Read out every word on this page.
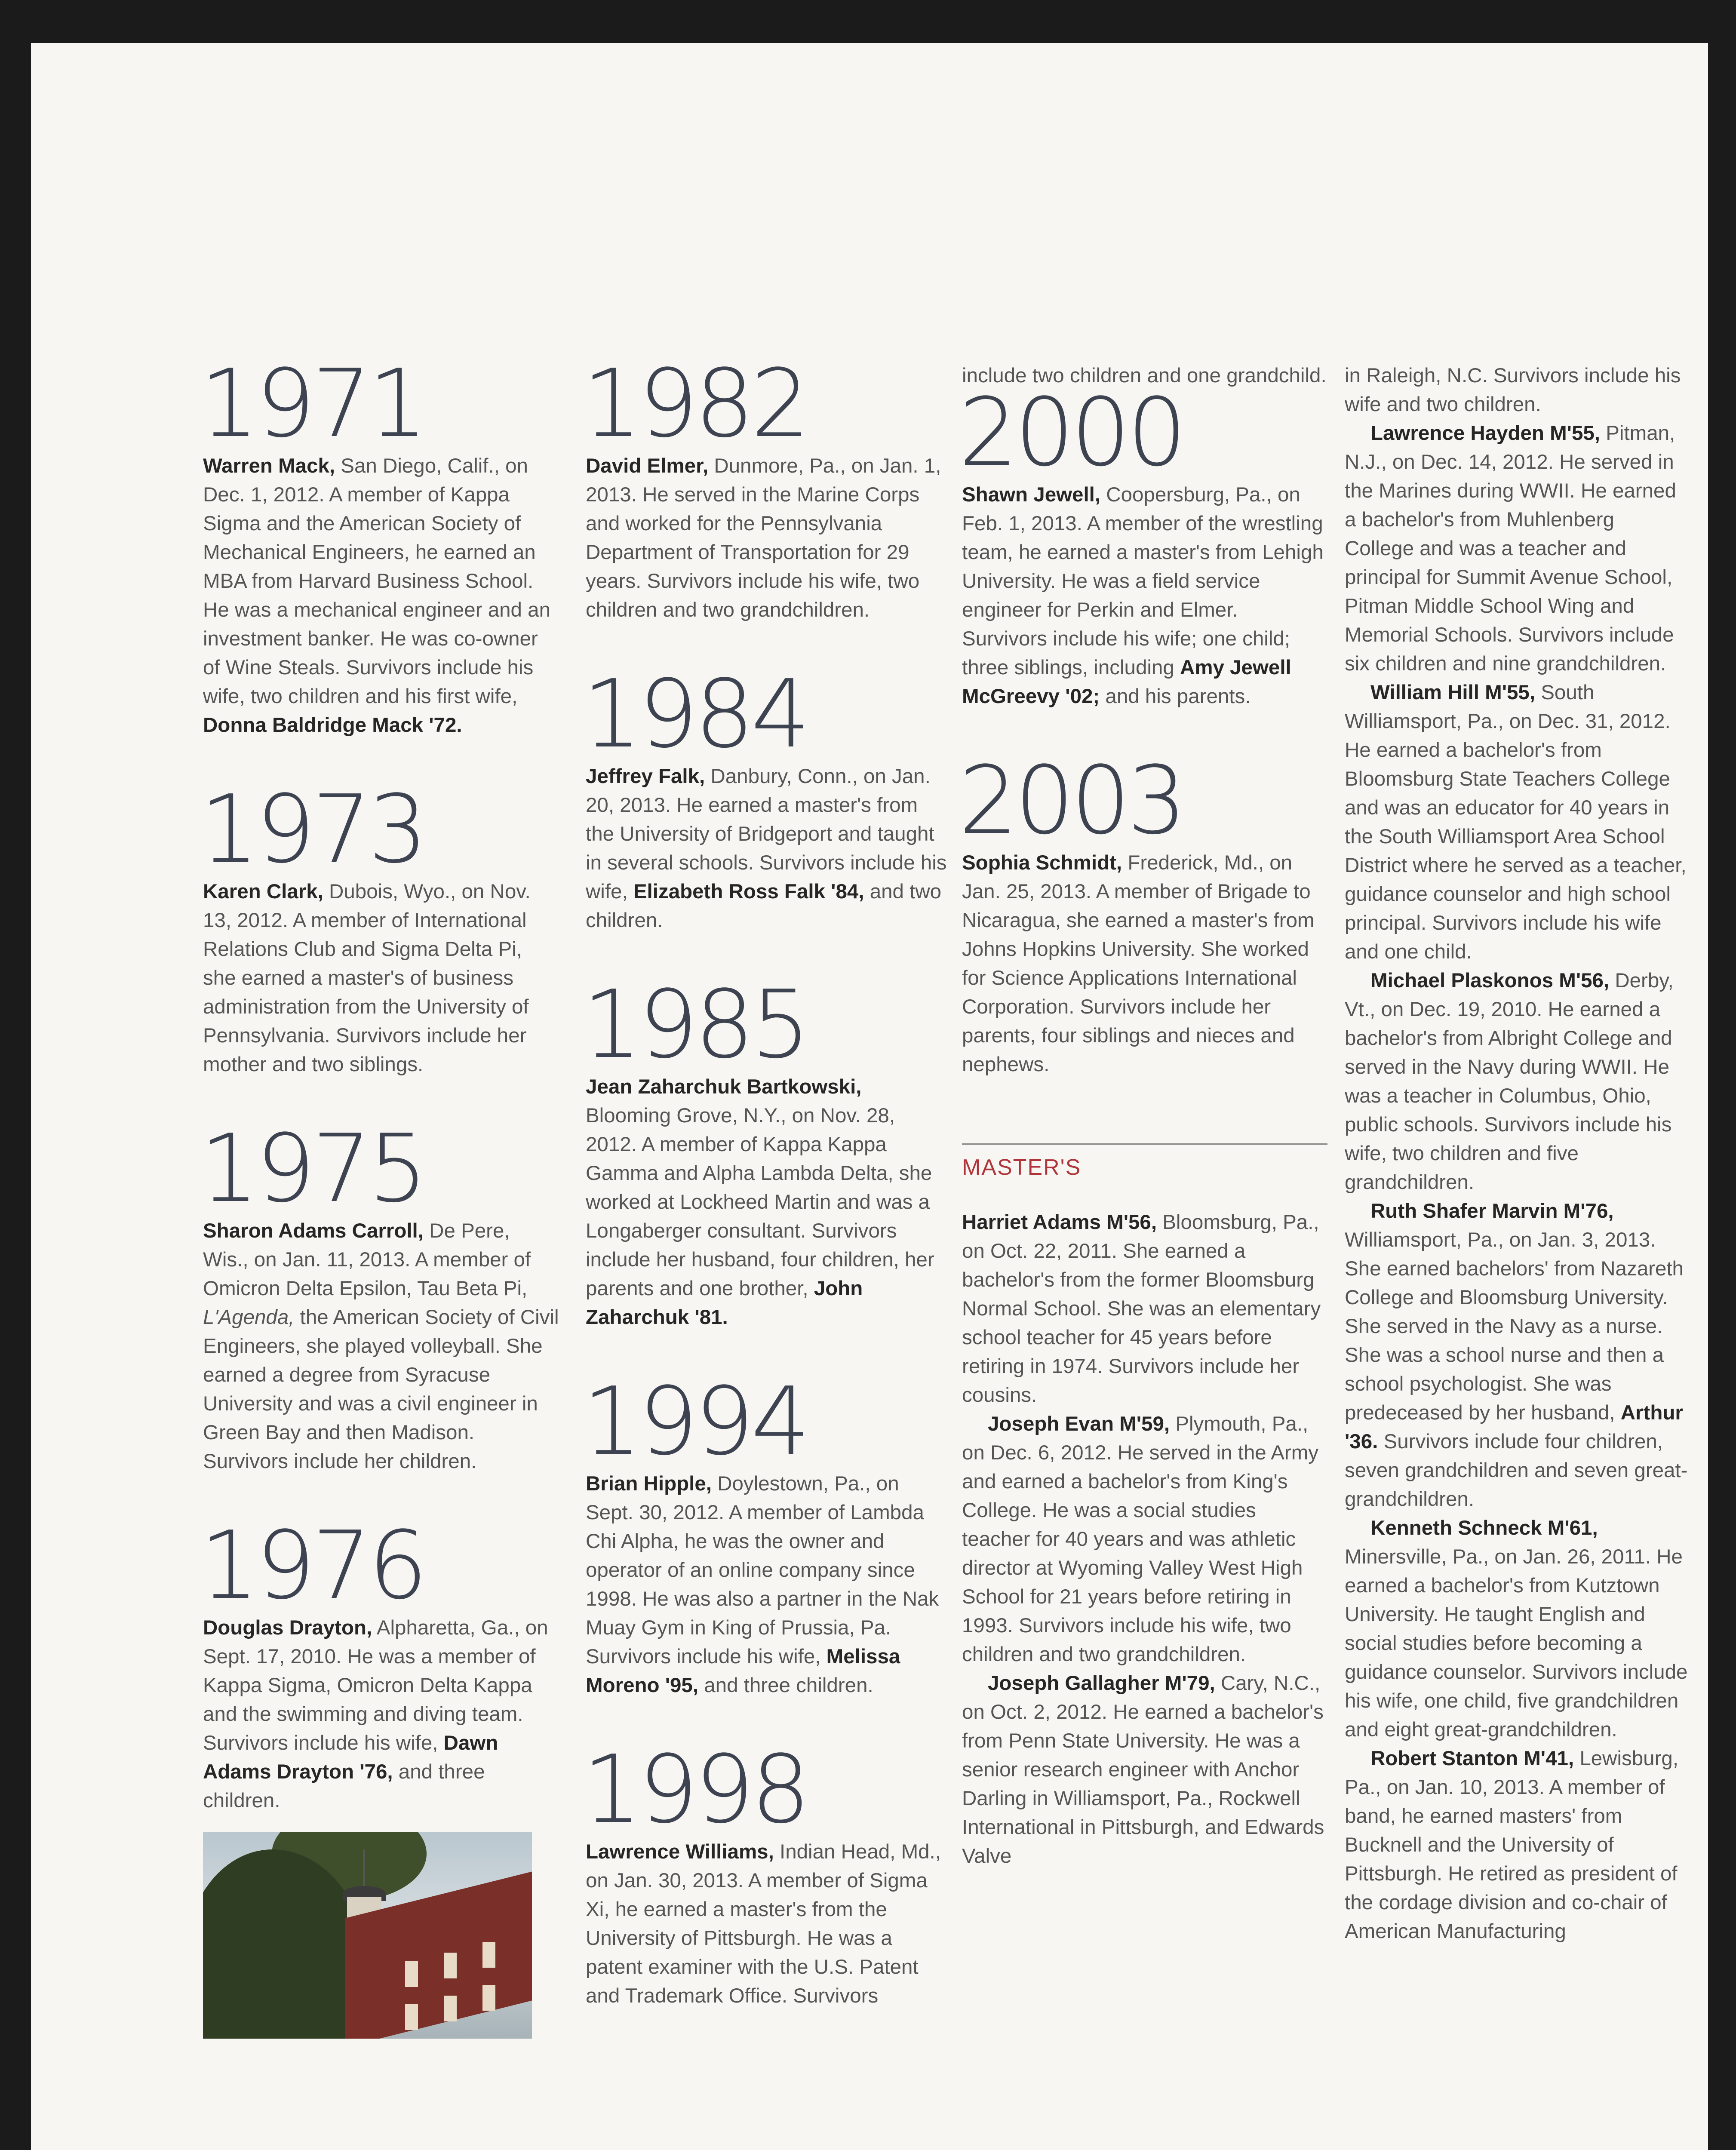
1971

Warren Mack, San Diego, Calif., on Dec. 1, 2012. A member of Kappa Sigma and the American Society of Mechanical Engineers, he earned an MBA from Harvard Business School. He was a mechanical engineer and an investment banker. He was co-owner of Wine Steals. Survivors include his wife, two children and his first wife, Donna Baldridge Mack '72.

1973

Karen Clark, Dubois, Wyo., on Nov. 13, 2012. A member of International Relations Club and Sigma Delta Pi, she earned a master's of business administration from the University of Pennsylvania. Survivors include her mother and two siblings.

1975

Sharon Adams Carroll, De Pere, Wis., on Jan. 11, 2013. A member of Omicron Delta Epsilon, Tau Beta Pi, L'Agenda, the American Society of Civil Engineers, she played volleyball. She earned a degree from Syracuse University and was a civil engineer in Green Bay and then Madison. Survivors include her children.

1976

Douglas Drayton, Alpharetta, Ga., on Sept. 17, 2010. He was a member of Kappa Sigma, Omicron Delta Kappa and the swimming and diving team. Survivors include his wife, Dawn Adams Drayton '76, and three children.

1982

David Elmer, Dunmore, Pa., on Jan. 1, 2013. He served in the Marine Corps and worked for the Pennsylvania Department of Transportation for 29 years. Survivors include his wife, two children and two grandchildren.

1984

Jeffrey Falk, Danbury, Conn., on Jan. 20, 2013. He earned a master's from the University of Bridgeport and taught in several schools. Survivors include his wife, Elizabeth Ross Falk '84, and two children.

1985

Jean Zaharchuk Bartkowski, Blooming Grove, N.Y., on Nov. 28, 2012. A member of Kappa Kappa Gamma and Alpha Lambda Delta, she worked at Lockheed Martin and was a Longaberger consultant. Survivors include her husband, four children, her parents and one brother, John Zaharchuk '81.

1994

Brian Hipple, Doylestown, Pa., on Sept. 30, 2012. A member of Lambda Chi Alpha, he was the owner and operator of an online company since 1998. He was also a partner in the Nak Muay Gym in King of Prussia, Pa. Survivors include his wife, Melissa Moreno '95, and three children.

1998

Lawrence Williams, Indian Head, Md., on Jan. 30, 2013. A member of Sigma Xi, he earned a master's from the University of Pittsburgh. He was a patent examiner with the U.S. Patent and Trademark Office. Survivors

include two children and one grandchild.

2000

Shawn Jewell, Coopersburg, Pa., on Feb. 1, 2013. A member of the wrestling team, he earned a master's from Lehigh University. He was a field service engineer for Perkin and Elmer. Survivors include his wife; one child; three siblings, including Amy Jewell McGreevy '02; and his parents.

2003

Sophia Schmidt, Frederick, Md., on Jan. 25, 2013. A member of Brigade to Nicaragua, she earned a master's from Johns Hopkins University. She worked for Science Applications International Corporation. Survivors include her parents, four siblings and nieces and nephews.

MASTER'S

Harriet Adams M'56, Bloomsburg, Pa., on Oct. 22, 2011. She earned a bachelor's from the former Bloomsburg Normal School. She was an elementary school teacher for 45 years before retiring in 1974. Survivors include her cousins.

Joseph Evan M'59, Plymouth, Pa., on Dec. 6, 2012. He served in the Army and earned a bachelor's from King's College. He was a social studies teacher for 40 years and was athletic director at Wyoming Valley West High School for 21 years before retiring in 1993. Survivors include his wife, two children and two grandchildren.

Joseph Gallagher M'79, Cary, N.C., on Oct. 2, 2012. He earned a bachelor's from Penn State University. He was a senior research engineer with Anchor Darling in Williamsport, Pa., Rockwell International in Pittsburgh, and Edwards Valve

in Raleigh, N.C. Survivors include his wife and two children.

Lawrence Hayden M'55, Pitman, N.J., on Dec. 14, 2012. He served in the Marines during WWII. He earned a bachelor's from Muhlenberg College and was a teacher and principal for Summit Avenue School, Pitman Middle School Wing and Memorial Schools. Survivors include six children and nine grandchildren.

William Hill M'55, South Williamsport, Pa., on Dec. 31, 2012. He earned a bachelor's from Bloomsburg State Teachers College and was an educator for 40 years in the South Williamsport Area School District where he served as a teacher, guidance counselor and high school principal. Survivors include his wife and one child.

Michael Plaskonos M'56, Derby, Vt., on Dec. 19, 2010. He earned a bachelor's from Albright College and served in the Navy during WWII. He was a teacher in Columbus, Ohio, public schools. Survivors include his wife, two children and five grandchildren.

Ruth Shafer Marvin M'76, Williamsport, Pa., on Jan. 3, 2013. She earned bachelors' from Nazareth College and Bloomsburg University. She served in the Navy as a nurse. She was a school nurse and then a school psychologist. She was predeceased by her husband, Arthur '36. Survivors include four children, seven grandchildren and seven great-grandchildren.

Kenneth Schneck M'61, Minersville, Pa., on Jan. 26, 2011. He earned a bachelor's from Kutztown University. He taught English and social studies before becoming a guidance counselor. Survivors include his wife, one child, five grandchildren and eight great-grandchildren.

Robert Stanton M'41, Lewisburg, Pa., on Jan. 10, 2013. A member of band, he earned masters' from Bucknell and the University of Pittsburgh. He retired as president of the cordage division and co-chair of American Manufacturing
